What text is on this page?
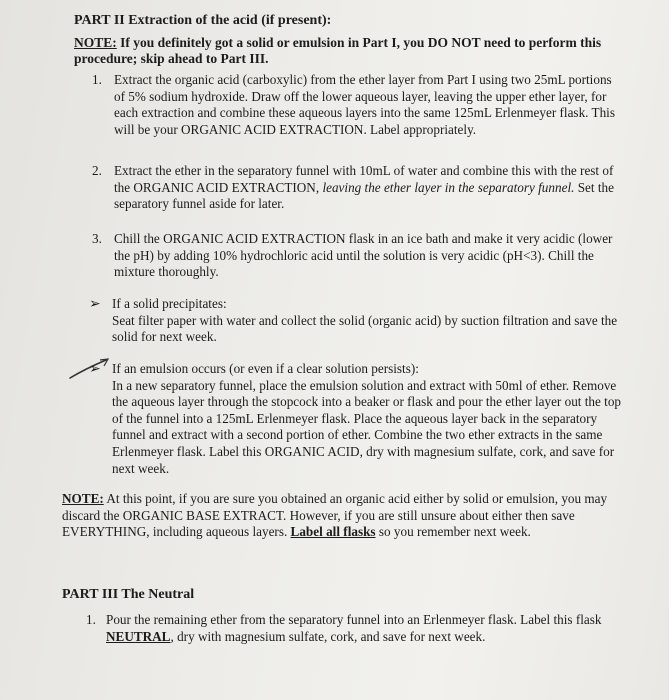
PART II Extraction of the acid (if present):
NOTE: If you definitely got a solid or emulsion in Part I, you DO NOT need to perform this procedure; skip ahead to Part III.
1. Extract the organic acid (carboxylic) from the ether layer from Part I using two 25mL portions of 5% sodium hydroxide. Draw off the lower aqueous layer, leaving the upper ether layer, for each extraction and combine these aqueous layers into the same 125mL Erlenmeyer flask. This will be your ORGANIC ACID EXTRACTION. Label appropriately.
2. Extract the ether in the separatory funnel with 10mL of water and combine this with the rest of the ORGANIC ACID EXTRACTION, leaving the ether layer in the separatory funnel. Set the separatory funnel aside for later.
3. Chill the ORGANIC ACID EXTRACTION flask in an ice bath and make it very acidic (lower the pH) by adding 10% hydrochloric acid until the solution is very acidic (pH<3). Chill the mixture thoroughly.
➢ If a solid precipitates:
Seat filter paper with water and collect the solid (organic acid) by suction filtration and save the solid for next week.
➢ If an emulsion occurs (or even if a clear solution persists):
In a new separatory funnel, place the emulsion solution and extract with 50ml of ether. Remove the aqueous layer through the stopcock into a beaker or flask and pour the ether layer out the top of the funnel into a 125mL Erlenmeyer flask. Place the aqueous layer back in the separatory funnel and extract with a second portion of ether. Combine the two ether extracts in the same Erlenmeyer flask. Label this ORGANIC ACID, dry with magnesium sulfate, cork, and save for next week.
NOTE: At this point, if you are sure you obtained an organic acid either by solid or emulsion, you may discard the ORGANIC BASE EXTRACT. However, if you are still unsure about either then save EVERYTHING, including aqueous layers. Label all flasks so you remember next week.
PART III The Neutral
1. Pour the remaining ether from the separatory funnel into an Erlenmeyer flask. Label this flask NEUTRAL, dry with magnesium sulfate, cork, and save for next week.
